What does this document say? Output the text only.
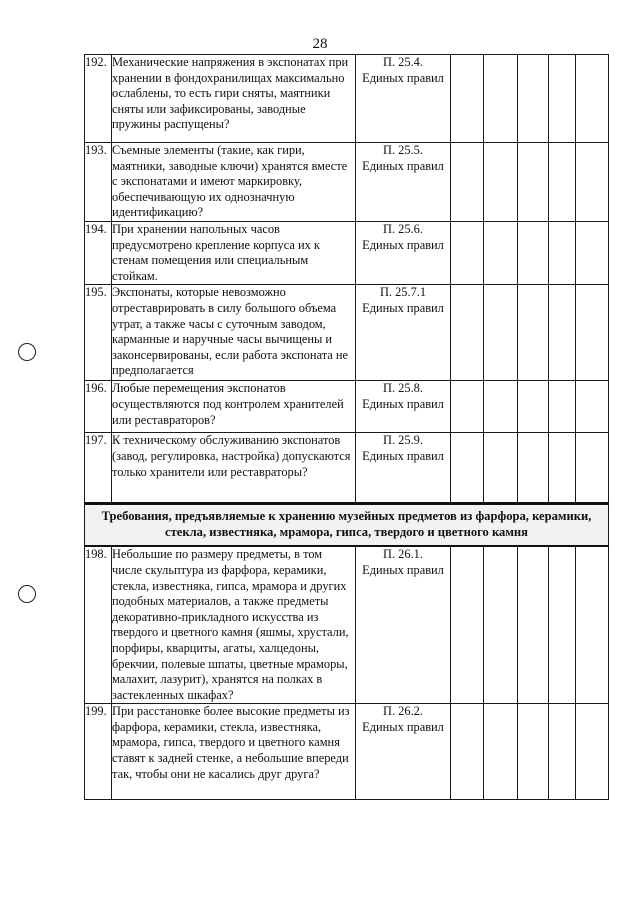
28
192.	Механические напряжения в экспонатах при хранении в фондохранилищах максимально ослаблены, то есть гири сняты, маятники сняты или зафиксированы, заводные пружины распущены?	П. 25.4.
Единых правил					

193.	Съемные элементы (такие, как гири, маятники, заводные ключи) хранятся вместе с экспонатами и имеют маркировку, обеспечивающую их однозначную идентификацию?	П. 25.5.
Единых правил					

194.	При хранении напольных часов предусмотрено крепление корпуса их к стенам помещения или специальным стойкам.	П. 25.6.
Единых правил					

195.	Экспонаты, которые невозможно отреставрировать в силу большого объема утрат, а также часы с суточным заводом, карманные и наручные часы вычищены и законсервированы, если работа экспоната не предполагается	П. 25.7.1
Единых правил					

196.	Любые перемещения экспонатов осуществляются под контролем хранителей или реставраторов?	П. 25.8.
Единых правил					

197.	К техническому обслуживанию экспонатов (завод, регулировка, настройка) допускаются только хранители или реставраторы?	П. 25.9.
Единых правил					

Требования, предъявляемые к хранению музейных предметов из фарфора, керамики, стекла, известняка, мрамора, гипса, твердого и цветного камня							
198.	Небольшие по размеру предметы, в том числе скульптура из фарфора, керамики, стекла, известняка, гипса, мрамора и других подобных материалов, а также предметы декоративно-прикладного искусства из твердого и цветного камня (яшмы, хрустали, порфиры, кварциты, агаты, халцедоны, брекчии, полевые шпаты, цветные мраморы, малахит, лазурит), хранятся на полках в застекленных шкафах?	П. 26.1.
Единых правил					

199.	При расстановке более высокие предметы из фарфора, керамики, стекла, известняка, мрамора, гипса, твердого и цветного камня ставят к задней стенке, а небольшие впереди так, чтобы они не касались друг друга?	П. 26.2.
Единых правил					
